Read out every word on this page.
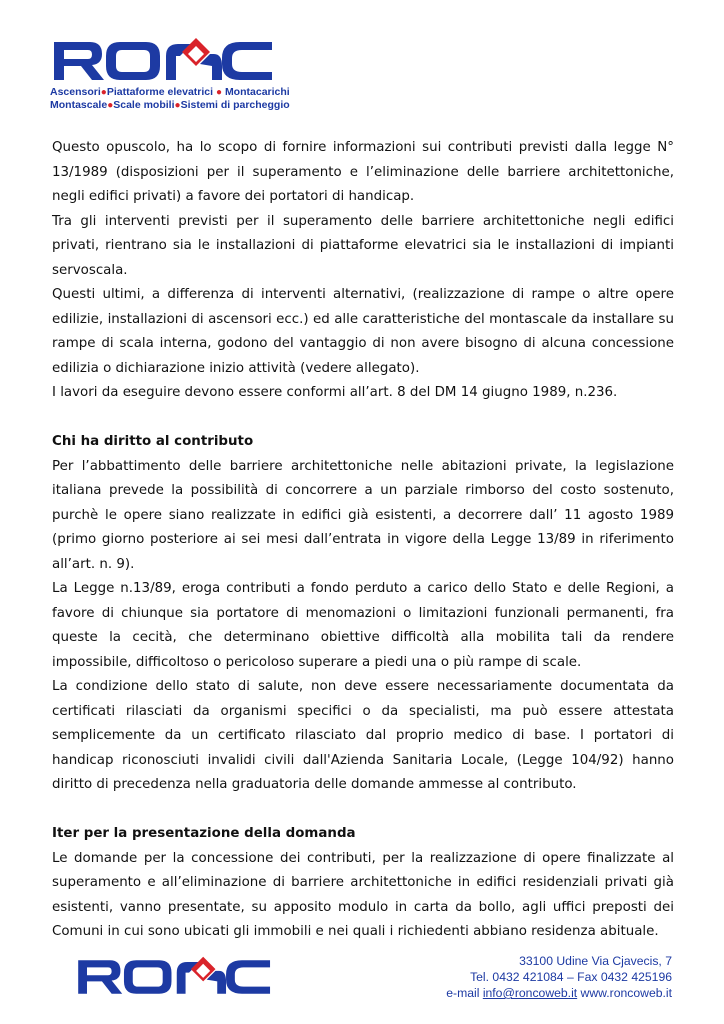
Ascensori●Piattaforme elevatrici ● Montacarichi
Montascale●Scale mobili●Sistemi di parcheggio

Questo opuscolo, ha lo scopo di fornire informazioni sui contributi previsti dalla legge N° 13/1989 (disposizioni per il superamento e l’eliminazione delle barriere architettoniche, negli edifici privati) a favore dei portatori di handicap.

Tra gli interventi previsti per il superamento delle barriere architettoniche negli edifici privati, rientrano sia le installazioni di piattaforme elevatrici sia le installazioni di impianti servoscala.

Questi ultimi, a differenza di interventi alternativi, (realizzazione di rampe o altre opere edilizie, installazioni di ascensori ecc.) ed alle caratteristiche del montascale da installare su rampe di scala interna, godono del vantaggio di non avere bisogno di alcuna concessione edilizia o dichiarazione inizio attività (vedere allegato).

I lavori da eseguire devono essere conformi all’art. 8 del DM 14 giugno 1989, n.236.

Chi ha diritto al contributo

Per l’abbattimento delle barriere architettoniche nelle abitazioni private, la legislazione italiana prevede la possibilità di concorrere a un parziale rimborso del costo sostenuto, purchè le opere siano realizzate in edifici già esistenti, a decorrere dall’ 11 agosto 1989 (primo giorno posteriore ai sei mesi dall’entrata in vigore della Legge 13/89 in riferimento all’art. n. 9).

La Legge n.13/89, eroga contributi a fondo perduto a carico dello Stato e delle Regioni, a favore di chiunque sia portatore di menomazioni o limitazioni funzionali permanenti, fra queste la cecità, che determinano obiettive difficoltà alla mobilita tali da rendere impossibile, difficoltoso o pericoloso superare a piedi una o più rampe di scale.

La condizione dello stato di salute, non deve essere necessariamente documentata da certificati rilasciati da organismi specifici o da specialisti, ma può essere attestata semplicemente da un certificato rilasciato dal proprio medico di base. I portatori di handicap riconosciuti invalidi civili dall'Azienda Sanitaria Locale, (Legge 104/92) hanno diritto di precedenza nella graduatoria delle domande ammesse al contributo.

Iter per la presentazione della domanda

Le domande per la concessione dei contributi, per la realizzazione di opere finalizzate al superamento e all’eliminazione di barriere architettoniche in edifici residenziali privati già esistenti, vanno presentate, su apposito modulo in carta da bollo, agli uffici preposti dei Comuni in cui sono ubicati gli immobili e nei quali i richiedenti abbiano residenza abituale.

33100 Udine Via Cjavecis, 7
Tel. 0432 421084 – Fax 0432 425196
e-mail info@roncoweb.it www.roncoweb.it
